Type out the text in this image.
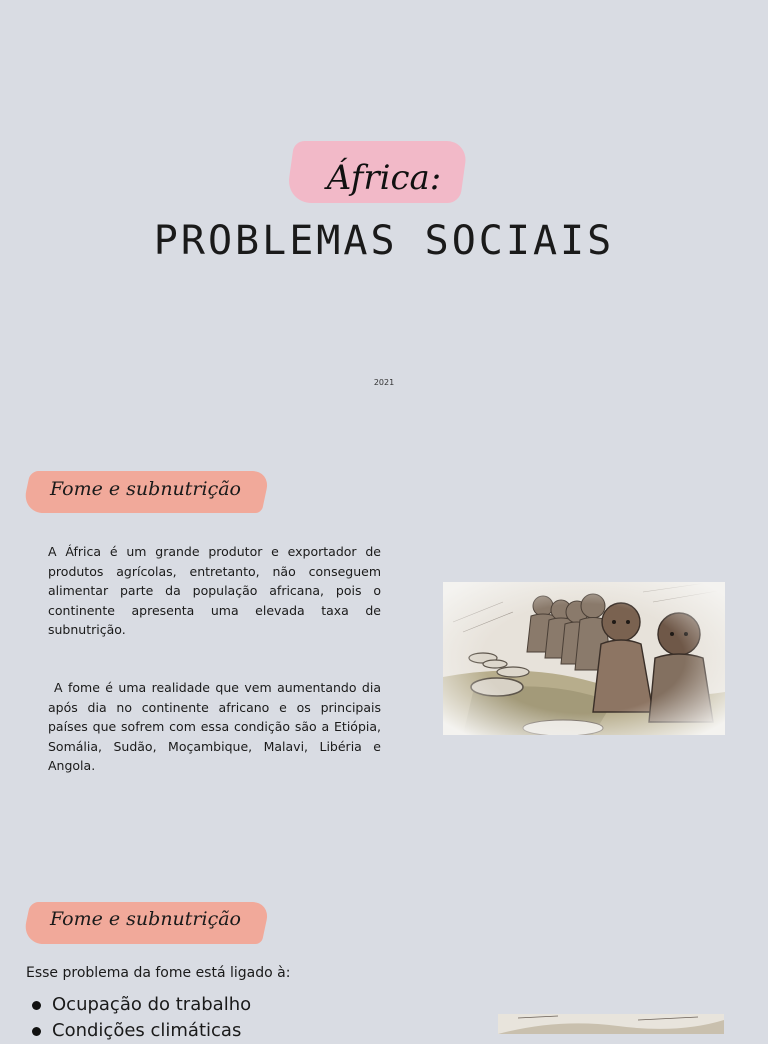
África:
PROBLEMAS SOCIAIS
2021
Fome e subnutrição

A África é um grande produtor e exportador de produtos agrícolas, entretanto, não conseguem alimentar parte da população africana, pois o continente apresenta uma elevada taxa de subnutrição.

A fome é uma realidade que vem aumentando dia após dia no continente africano e os principais países que sofrem com essa condição são a Etiópia, Somália, Sudão, Moçambique, Malavi, Libéria e Angola.

Fome e subnutrição
Esse problema da fome está ligado à:
Ocupação do trabalho
Condições climáticas
